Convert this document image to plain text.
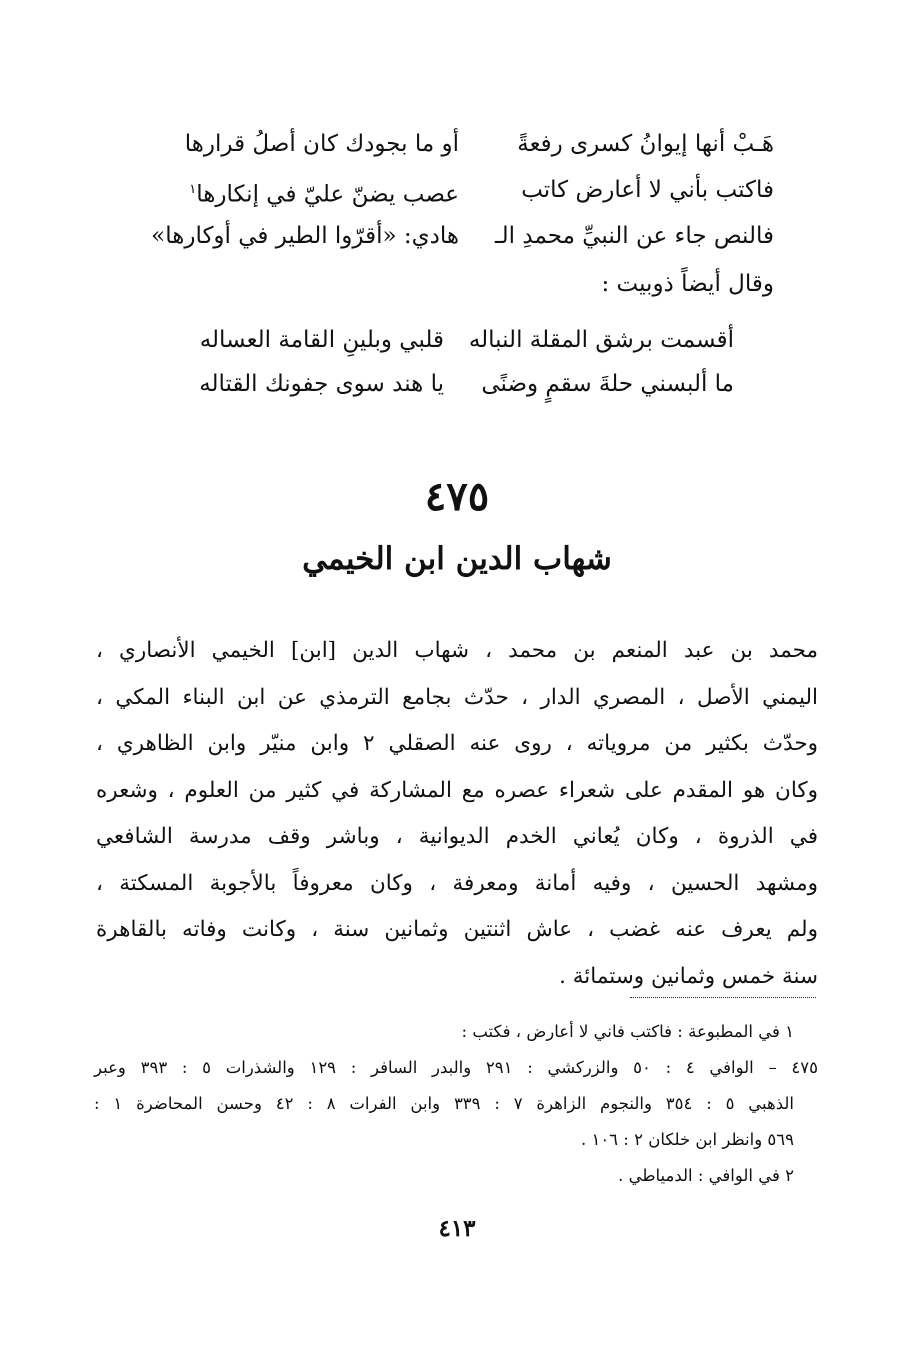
هَـبْ أنها إيوانُ كسرى رفعةً
أو ما بجودك كان أصلُ قرارها
فاكتب بأني لا أعارض كاتب
عصب يضنّ عليّ في إنكارها$^١$
فالنص جاء عن النبيِّ محمدِ الـ
هادي: «أقرّوا الطير في أوكارها»
وقال أيضاً ذوبيت :
أقسمت برشق المقلة النباله
قلبي وبلينِ القامة العساله
ما ألبسني حلةَ سقمٍ وضنًى
يا هند سوى جفونك القتاله
٤٧٥
شهاب الدين ابن الخيمي
محمد بن عبد المنعم بن محمد ، شهاب الدين [ابن] الخيمي الأنصاري ،
اليمني الأصل ، المصري الدار ، حدّث بجامع الترمذي عن ابن البناء المكي ،
وحدّث بكثير من مروياته ، روى عنه الصقلي ٢ وابن منيّر وابن الظاهري ،
وكان هو المقدم على شعراء عصره مع المشاركة في كثير من العلوم ، وشعره
في الذروة ، وكان يُعاني الخدم الديوانية ، وباشر وقف مدرسة الشافعي
ومشهد الحسين ، وفيه أمانة ومعرفة ، وكان معروفاً بالأجوبة المسكتة ،
ولم يعرف عنه غضب ، عاش اثنتين وثمانين سنة ، وكانت وفاته بالقاهرة
سنة خمس وثمانين وستمائة .
١ في المطبوعة : فاكتب فاني لا أعارض ، فكتب :
٤٧٥ – الوافي ٤ : ٥٠ والزركشي : ٢٩١ والبدر السافر : ١٢٩ والشذرات ٥ : ٣٩٣ وعبر
الذهبي ٥ : ٣٥٤ والنجوم الزاهرة ٧ : ٣٣٩ وابن الفرات ٨ : ٤٢ وحسن المحاضرة ١ :
٥٦٩ وانظر ابن خلكان ٢ : ١٠٦ .
٢ في الوافي : الدمياطي .
٤١٣
